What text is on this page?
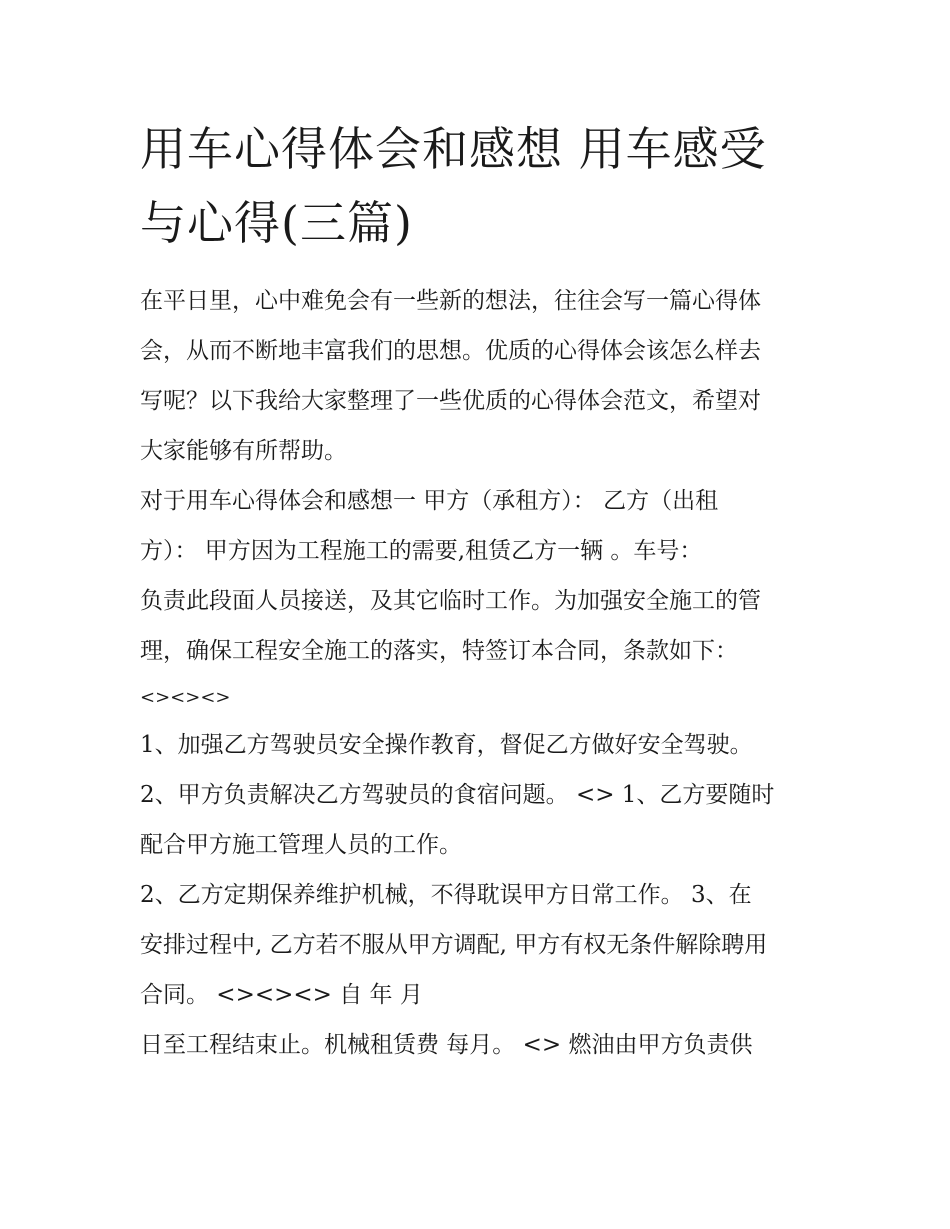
用车心得体会和感想 用车感受
与心得(三篇)

在平日里，心中难免会有一些新的想法，往往会写一篇心得体

会，从而不断地丰富我们的思想。优质的心得体会该怎么样去

写呢？以下我给大家整理了一些优质的心得体会范文，希望对

大家能够有所帮助。

对于用车心得体会和感想一 甲方（承租方）： 乙方（出租

方）： 甲方因为工程施工的需要,租赁乙方一辆 。车号：

负责此段面人员接送，及其它临时工作。为加强安全施工的管

理，确保工程安全施工的落实，特签订本合同，条款如下：

<><><>

1、加强乙方驾驶员安全操作教育，督促乙方做好安全驾驶。

2、甲方负责解决乙方驾驶员的食宿问题。 <> 1、乙方要随时

配合甲方施工管理人员的工作。

2、乙方定期保养维护机械，不得耽误甲方日常工作。 3、在

安排过程中, 乙方若不服从甲方调配, 甲方有权无条件解除聘用

合同。 <><><> 自 年 月

日至工程结束止。机械租赁费 每月。 <> 燃油由甲方负责供
